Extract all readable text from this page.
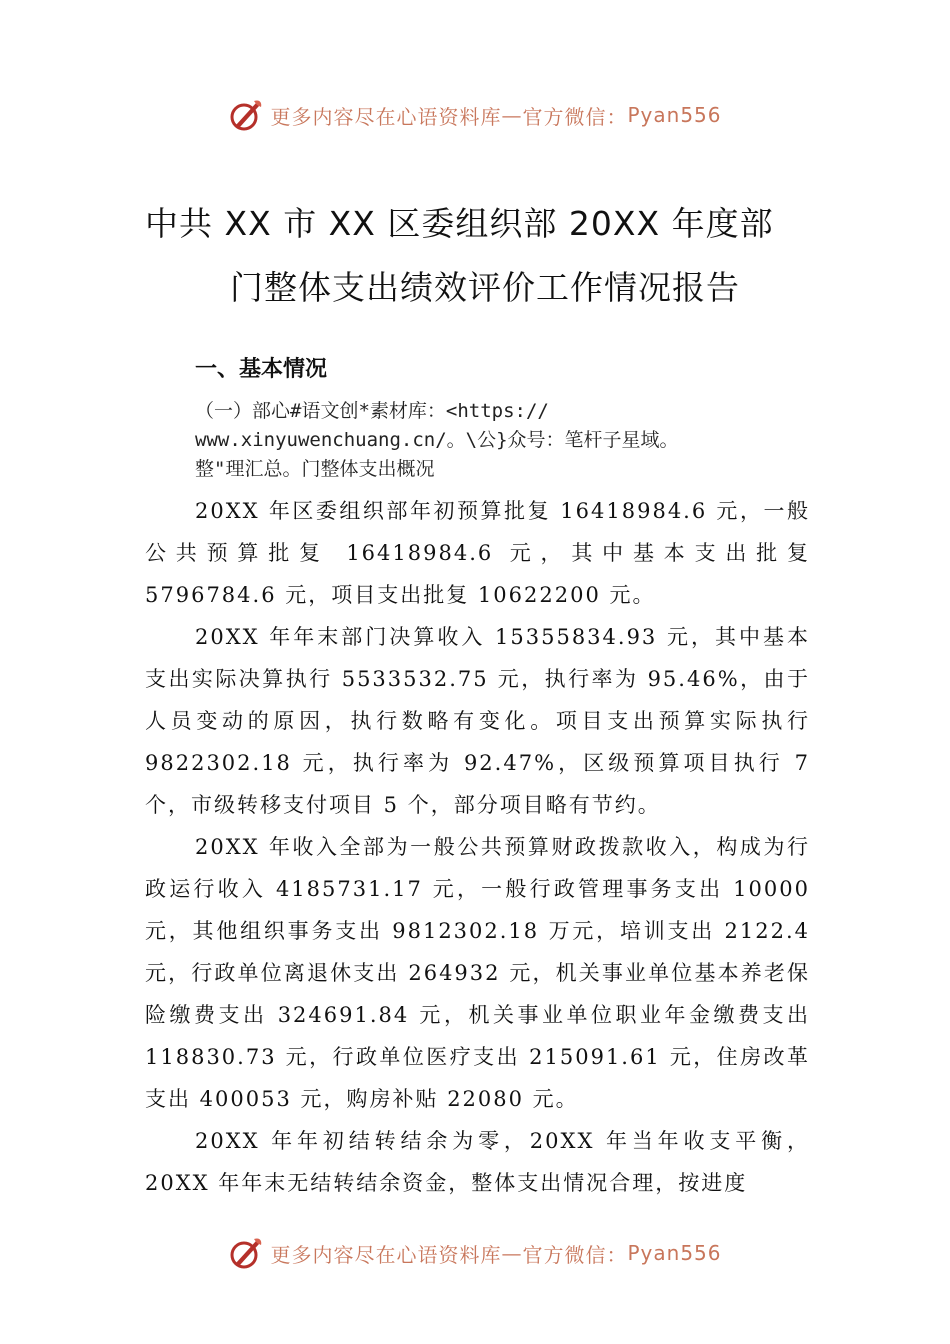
更多内容尽在心语资料库 — 官方微信： Pyan556
中共 XX 市 XX 区委组织部 20XX 年度部
门整体支出绩效评价工作情况报告
一、基本情况
（一）部心#语文创*素材库：<https://
www.xinyuwenchuang.cn/。\公}众号：笔杆子星域。
整"理汇总。门整体支出概况

20XX 年区委组织部年初预算批复 16418984.6 元，一般公共预算批复 16418984.6 元，其中基本支出批复 5796784.6 元，项目支出批复 10622200 元。

20XX 年年末部门决算收入 15355834.93 元，其中基本支出实际决算执行 5533532.75 元，执行率为 95.46%，由于人员变动的原因，执行数略有变化。项目支出预算实际执行 9822302.18 元，执行率为 92.47%，区级预算项目执行 7 个，市级转移支付项目 5 个，部分项目略有节约。

20XX 年收入全部为一般公共预算财政拨款收入，构成为行政运行收入 4185731.17 元，一般行政管理事务支出 10000 元，其他组织事务支出 9812302.18 万元，培训支出 2122.4 元，行政单位离退休支出 264932 元，机关事业单位基本养老保险缴费支出 324691.84 元，机关事业单位职业年金缴费支出 118830.73 元，行政单位医疗支出 215091.61 元，住房改革支出 400053 元，购房补贴 22080 元。

20XX 年年初结转结余为零，20XX 年当年收支平衡，20XX 年年末无结转结余资金，整体支出情况合理，按进度

更多内容尽在心语资料库 — 官方微信： Pyan556
